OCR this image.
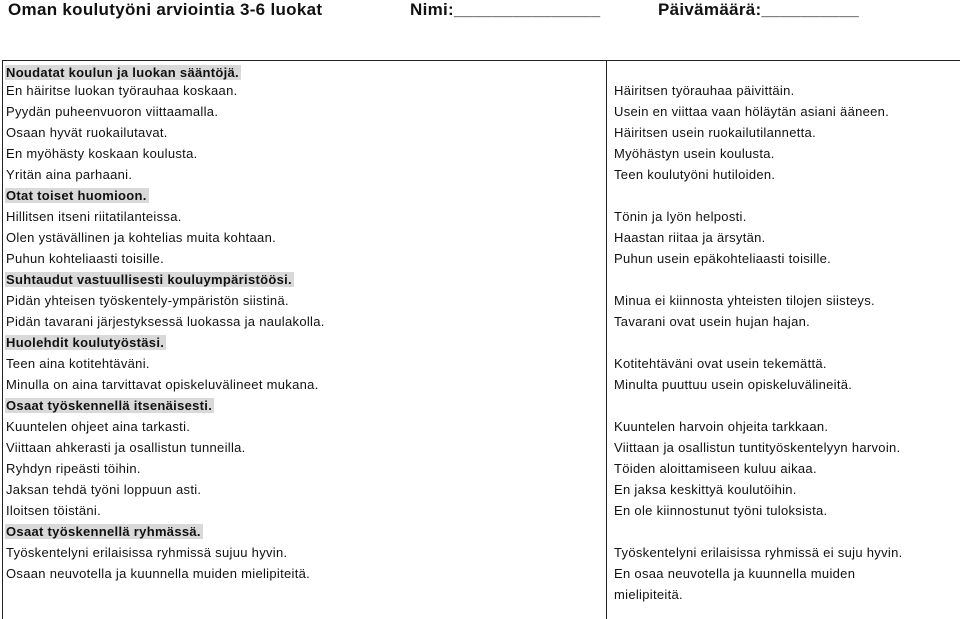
Oman koulutyöni arviointia 3-6 luokat	Nimi:_______________	Päivämäärä:__________
Noudatat koulun ja luokan sääntöjä.
En häiritse luokan työrauhaa koskaan.	Häiritsen työrauhaa päivittäin.
Pyydän puheenvuoron viittaamalla.	Usein en viittaa vaan höläytän asiani ääneen.
Osaan hyvät ruokailutavat.	Häiritsen usein ruokailutilannetta.
En myöhästy koskaan koulusta.	Myöhästyn usein koulusta.
Yritän aina parhaani.	Teen koulutyöni hutiloiden.
Otat toiset huomioon.
Hillitsen itseni riitatilanteissa.	Tönin ja lyön helposti.
Olen ystävällinen ja kohtelias muita kohtaan.	Haastan riitaa ja ärsytän.
Puhun kohteliaasti toisille.	Puhun usein epäkohteliaasti toisille.
Suhtaudut vastuullisesti kouluympäristöösi.
Pidän yhteisen työskentely-ympäristön siistinä.	Minua ei kiinnosta yhteisten tilojen siisteys.
Pidän tavarani järjestyksessä luokassa ja naulakolla.	Tavarani ovat usein hujan hajan.
Huolehdit koulutyöstäsi.
Teen aina kotitehtäväni.	Kotitehtäväni ovat usein tekemättä.
Minulla on aina tarvittavat opiskeluvälineet mukana.	Minulta puuttuu usein opiskeluvälineitä.
Osaat työskennellä itsenäisesti.
Kuuntelen ohjeet aina tarkasti.	Kuuntelen harvoin ohjeita tarkkaan.
Viittaan ahkerasti ja osallistun tunneilla.	Viittaan ja osallistun tuntityöskentelyyn harvoin.
Ryhdyn ripeästi töihin.	Töiden aloittamiseen kuluu aikaa.
Jaksan tehdä työni loppuun asti.	En jaksa keskittyä koulutöihin.
Iloitsen töistäni.	En ole kiinnostunut työni tuloksista.
Osaat työskennellä ryhmässä.
Työskentelyni erilaisissa ryhmissä sujuu hyvin.	Työskentelyni erilaisissa ryhmissä ei suju hyvin.
Osaan neuvotella ja kuunnella muiden mielipiteitä.	En osaa neuvotella ja kuunnella muiden
mielipiteitä.
